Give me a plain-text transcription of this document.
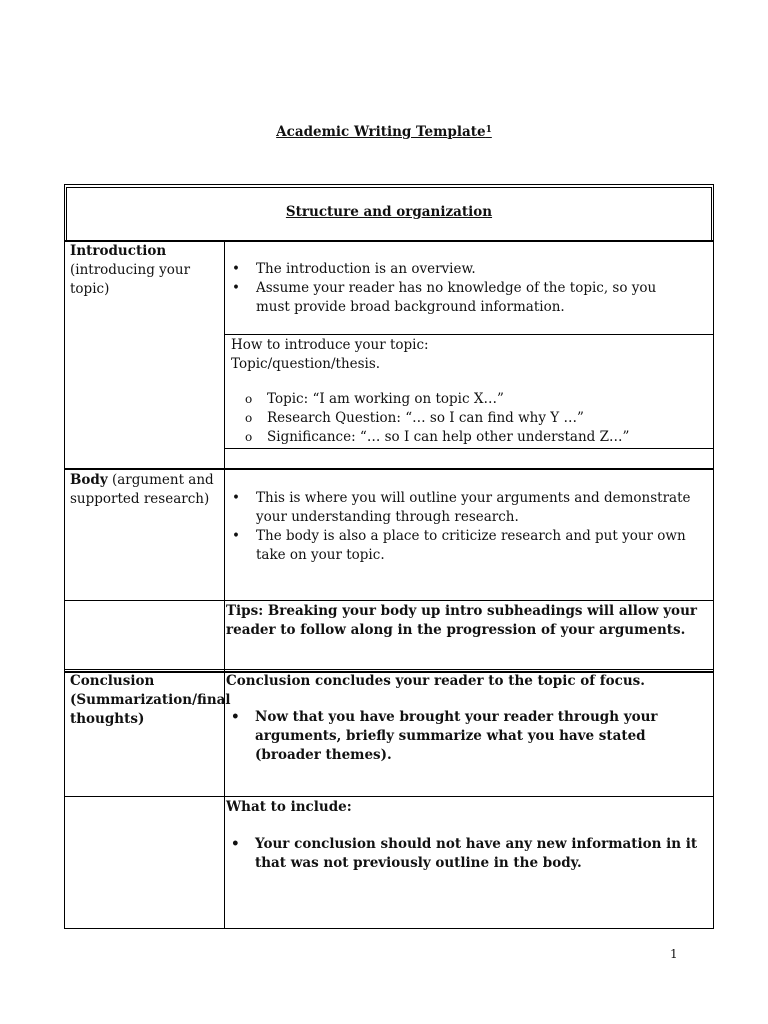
Academic Writing Template$^1$
Structure and organization
Introduction
(introducing your topic)
• The introduction is an overview.
• Assume your reader has no knowledge of the topic, so you must provide broad background information.
How to introduce your topic:
Topic/question/thesis.
o Topic: “I am working on topic X…”
o Research Question: “… so I can find why Y …”
o Significance: “… so I can help other understand Z…”
Body (argument and supported research)
•	This is where you will outline your arguments and demonstrate your understanding through research.
• The body is also a place to criticize research and put your own take on your topic.
Tips: Breaking your body up intro subheadings will allow your reader to follow along in the progression of your arguments.
Conclusion (Summarization/final thoughts)
Conclusion concludes your reader to the topic of focus.
• Now that you have brought your reader through your arguments, briefly summarize what you have stated (broader themes).
What to include:
• Your conclusion should not have any new information in it that was not previously outline in the body.
1
